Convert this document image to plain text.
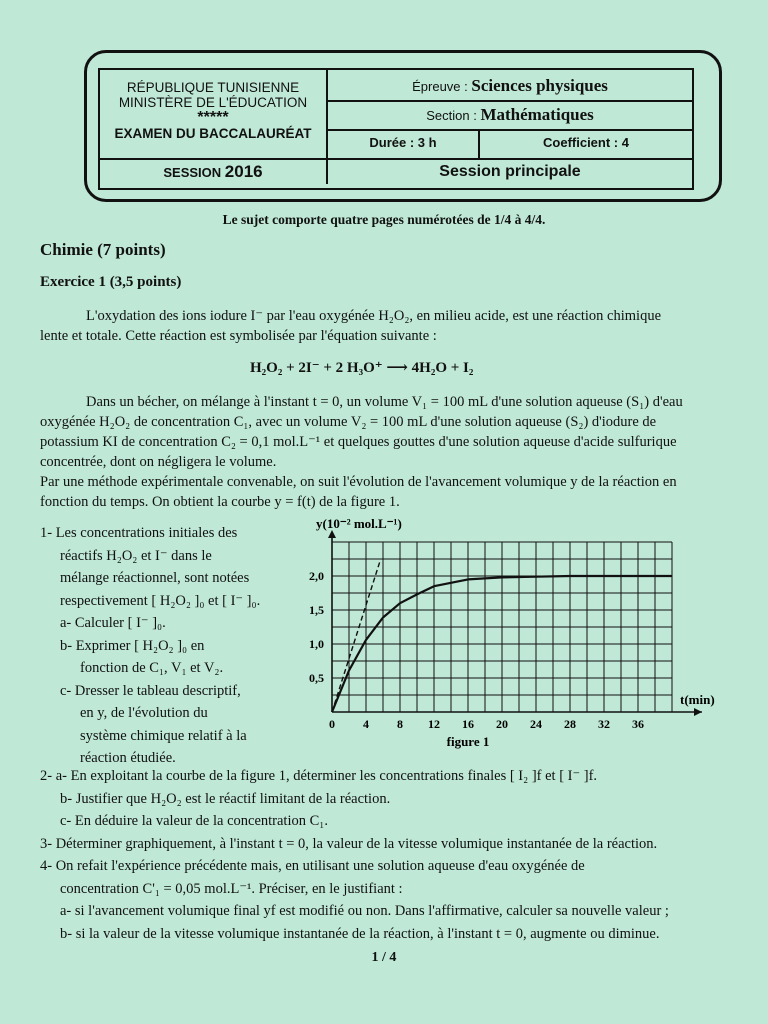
RÉPUBLIQUE TUNISIENNE
MINISTÈRE DE L'ÉDUCATION
*****
EXAMEN DU BACCALAURÉAT
SESSION 2016
Épreuve : Sciences physiques
Section : Mathématiques
Durée : 3 h	Coefficient : 4
Session principale
Le sujet comporte quatre pages numérotées de 1/4 à 4/4.
Chimie (7 points)
Exercice 1 (3,5 points)
L'oxydation des ions iodure I⁻ par l'eau oxygénée H₂O₂, en milieu acide, est une réaction chimique
lente et totale. Cette réaction est symbolisée par l'équation suivante :
H₂O₂ + 2I⁻ + 2 H₃O⁺ ⟶ 4H₂O + I₂
Dans un bécher, on mélange à l'instant t = 0, un volume V₁ = 100 mL d'une solution aqueuse (S₁) d'eau
oxygénée H₂O₂ de concentration C₁, avec un volume V₂ = 100 mL d'une solution aqueuse (S₂) d'iodure de
potassium KI de concentration C₂ = 0,1 mol.L⁻¹ et quelques gouttes d'une solution aqueuse d'acide sulfurique
concentrée, dont on négligera le volume.
Par une méthode expérimentale convenable, on suit l'évolution de l'avancement volumique y de la réaction en
fonction du temps. On obtient la courbe y = f(t) de la figure 1.
1- Les concentrations initiales des
réactifs H₂O₂ et I⁻ dans le
mélange réactionnel, sont notées
respectivement [ H₂O₂ ]₀ et [ I⁻ ]₀.
a- Calculer [ I⁻ ]₀.
b- Exprimer [ H₂O₂ ]₀ en
fonction de C₁, V₁ et V₂.
c- Dresser le tableau descriptif,
en y, de l'évolution du
système chimique relatif à la
réaction étudiée.
0 4 8 12 16 20 24 28 32 36
0,5
1,0
1,5
2,0
y(10⁻² mol.L⁻¹)
t(min)
figure 1
2- a- En exploitant la courbe de la figure 1, déterminer les concentrations finales [ I₂ ]f et [ I⁻ ]f.
b- Justifier que H₂O₂ est le réactif limitant de la réaction.
c- En déduire la valeur de la concentration C₁.
3- Déterminer graphiquement, à l'instant t = 0, la valeur de la vitesse volumique instantanée de la réaction.
4- On refait l'expérience précédente mais, en utilisant une solution aqueuse d'eau oxygénée de
concentration C'₁ = 0,05 mol.L⁻¹. Préciser, en le justifiant :
a- si l'avancement volumique final yf est modifié ou non. Dans l'affirmative, calculer sa nouvelle valeur ;
b- si la valeur de la vitesse volumique instantanée de la réaction, à l'instant t = 0, augmente ou diminue.
1 / 4
